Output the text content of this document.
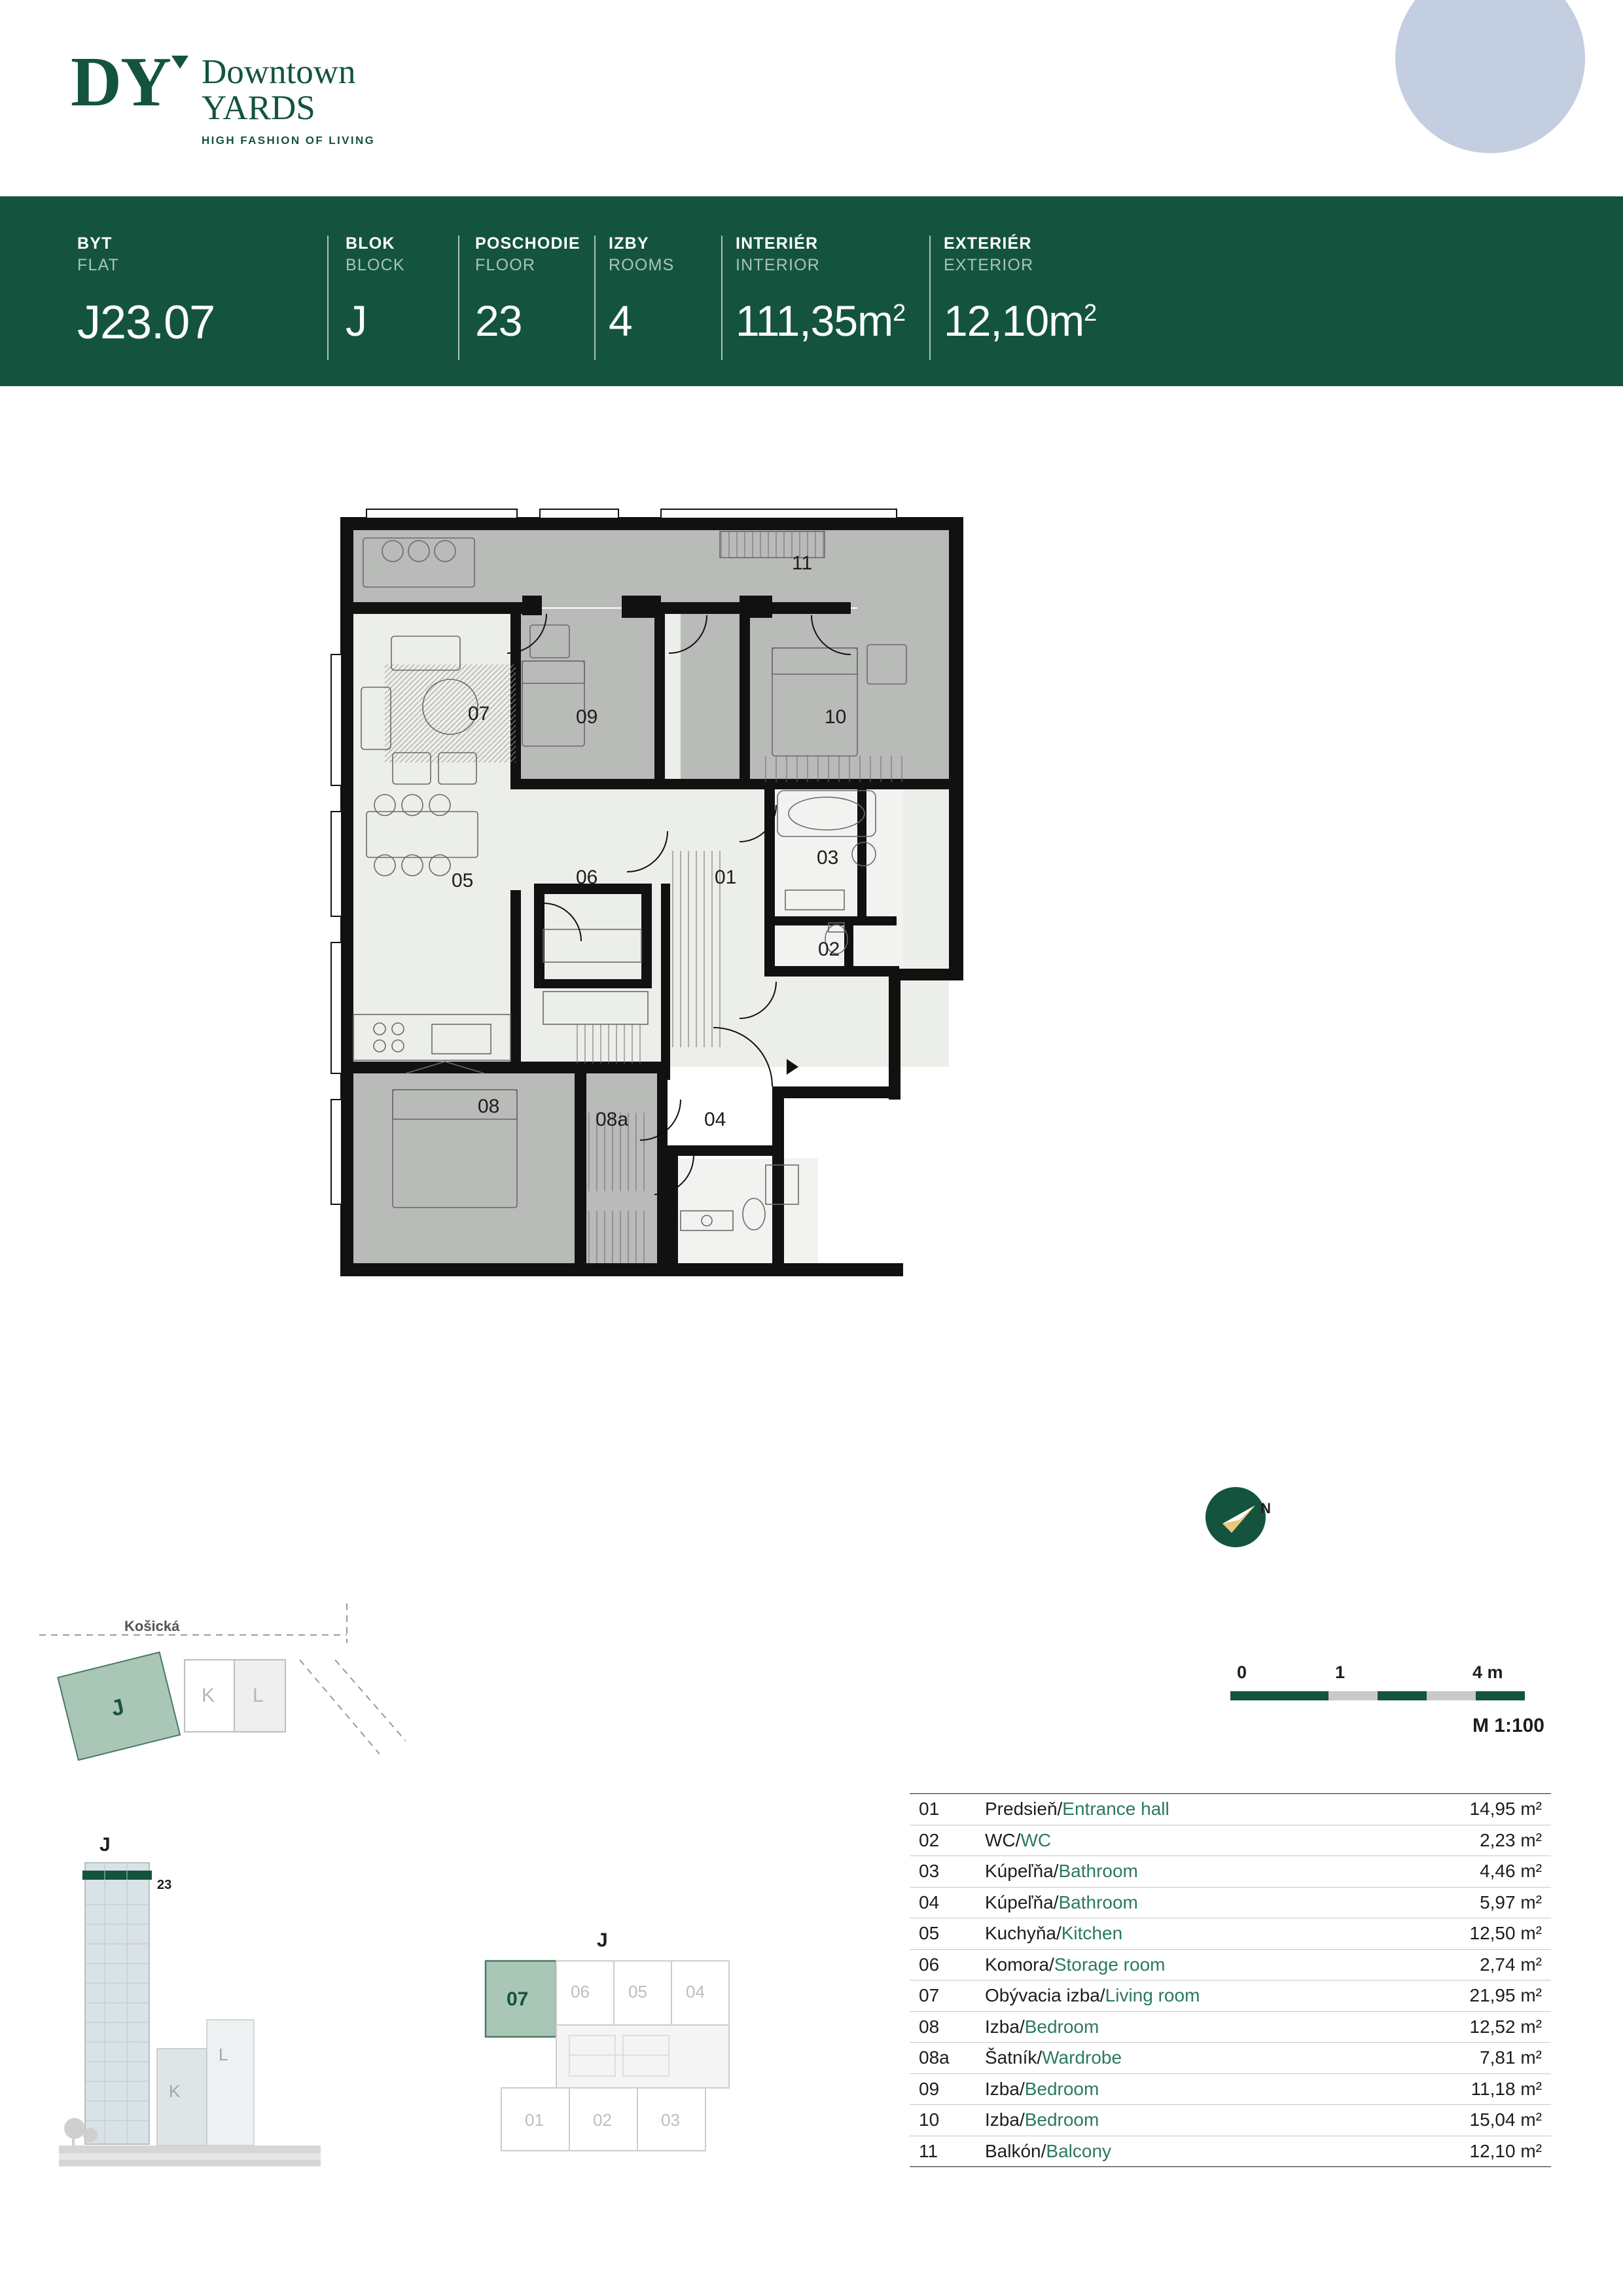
DY Downtown
YARDS
HIGH FASHION OF LIVING
BYT
FLAT
J23.07
BLOK
BLOCK
J
POSCHODIE
FLOOR
23
IZBY
ROOMS
4
INTERIÉR
INTERIOR
$111,35m^2$
EXTERIÉR
EXTERIOR
$12,10m^2$
11
07	09	10
05	06	01
03
02
08
08a	04
N
Košická
J	K L
J
23
K
L
J
07 06 05 04
01	02	03
0	1	4 m
M 1:100
01	Predsieň/Entrance hall	14,95 m²
02	WC/WC	2,23 m²
03	Kúpeľňa/Bathroom	4,46 m²
04	Kúpeľňa/Bathroom	5,97 m²
05	Kuchyňa/Kitchen	12,50 m²
06	Komora/Storage room	2,74 m²
07	Obývacia izba/Living room	21,95 m²
08	Izba/Bedroom	12,52 m²
08a	Šatník/Wardrobe	7,81 m²
09	Izba/Bedroom	11,18 m²
10	Izba/Bedroom	15,04 m²
11	Balkón/Balcony	12,10 m²
